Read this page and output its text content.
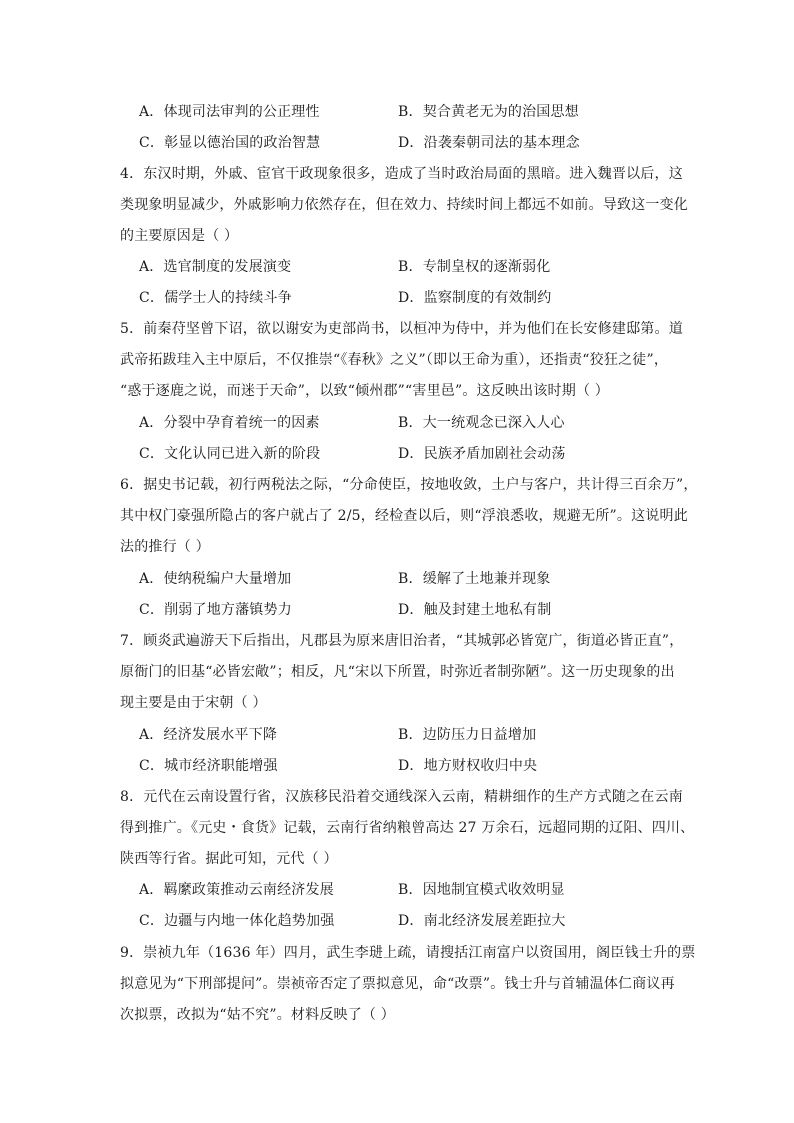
A．体现司法审判的公正理性	B．契合黄老无为的治国思想
C．彰显以德治国的政治智慧	D．沿袭秦朝司法的基本理念
4．东汉时期，外戚、宦官干政现象很多，造成了当时政治局面的黑暗。进入魏晋以后，这
类现象明显减少，外戚影响力依然存在，但在效力、持续时间上都远不如前。导致这一变化
的主要原因是（ ）
A．选官制度的发展演变	B．专制皇权的逐渐弱化
C．儒学士人的持续斗争	D．监察制度的有效制约
5．前秦苻坚曾下诏，欲以谢安为吏部尚书，以桓冲为侍中，并为他们在长安修建邸第。道
武帝拓跋珪入主中原后，不仅推崇“《春秋》之义”（即以王命为重），还指责“狡狂之徒”，
“惑于逐鹿之说，而迷于天命”，以致“倾州郡”“害里邑”。这反映出该时期（ ）
A．分裂中孕育着统一的因素	B．大一统观念已深入人心
C．文化认同已进入新的阶段	D．民族矛盾加剧社会动荡
6．据史书记载，初行两税法之际，“分命使臣，按地收敛，土户与客户，共计得三百余万”，
其中权门豪强所隐占的客户就占了 2/5，经检查以后，则“浮浪悉收，规避无所”。这说明此
法的推行（ ）
A．使纳税编户大量增加	B．缓解了土地兼并现象
C．削弱了地方藩镇势力	D．触及封建土地私有制
7．顾炎武遍游天下后指出，凡郡县为原来唐旧治者，“其城郭必皆宽广，街道必皆正直”，
原衙门的旧基“必皆宏敞”；相反，凡“宋以下所置，时弥近者制弥陋”。这一历史现象的出
现主要是由于宋朝（ ）
A．经济发展水平下降	B．边防压力日益增加
C．城市经济职能增强	D．地方财权收归中央
8．元代在云南设置行省，汉族移民沿着交通线深入云南，精耕细作的生产方式随之在云南
得到推广。《元史・食货》记载，云南行省纳粮曾高达 27 万余石，远超同期的辽阳、四川、
陕西等行省。据此可知，元代（ ）
A．羁縻政策推动云南经济发展	B．因地制宜模式收效明显
C．边疆与内地一体化趋势加强	D．南北经济发展差距拉大
9．崇祯九年（1636 年）四月，武生李琎上疏，请搜括江南富户以资国用，阁臣钱士升的票
拟意见为“下刑部提问”。崇祯帝否定了票拟意见，命“改票”。钱士升与首辅温体仁商议再
次拟票，改拟为“姑不究”。材料反映了（ ）
